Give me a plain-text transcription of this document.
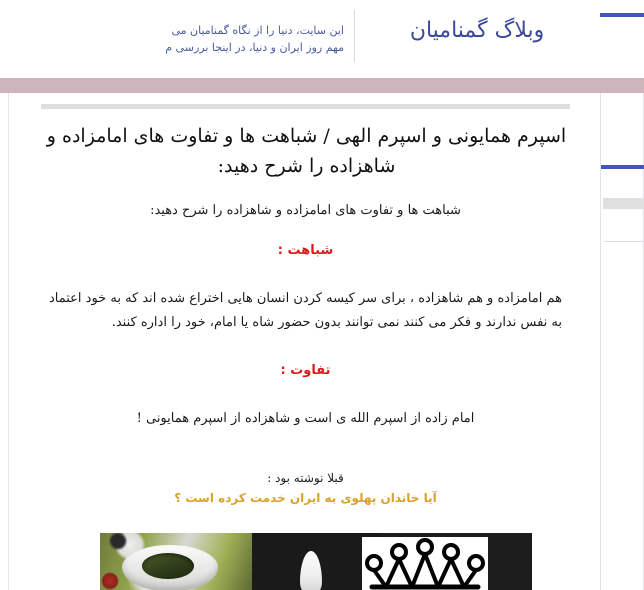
وبلاگ گمنامیان
این سایت، دنیا را از نگاه گمنامیان می
مهم روز ایران و دنیا، در اینجا بررسی م
اسپرم همایونی و اسپرم الهی / شباهت ها و تفاوت های امامزاده و شاهزاده را شرح دهید:

شباهت ها و تفاوت های امامزاده و شاهزاده را شرح دهید:

شباهت :

هم امامزاده و هم شاهزاده ، برای سر کیسه کردن انسان هایی اختراع شده اند که به خود اعتماد به نفس ندارند و فکر می کنند نمی توانند بدون حضور شاه یا امام، خود را اداره کنند.

تفاوت :

امام زاده از اسپرم الله ی است و شاهزاده از اسپرم همایونی !

قبلا نوشته بود :

آیا خاندان پهلوی به ایران خدمت کرده است ؟
